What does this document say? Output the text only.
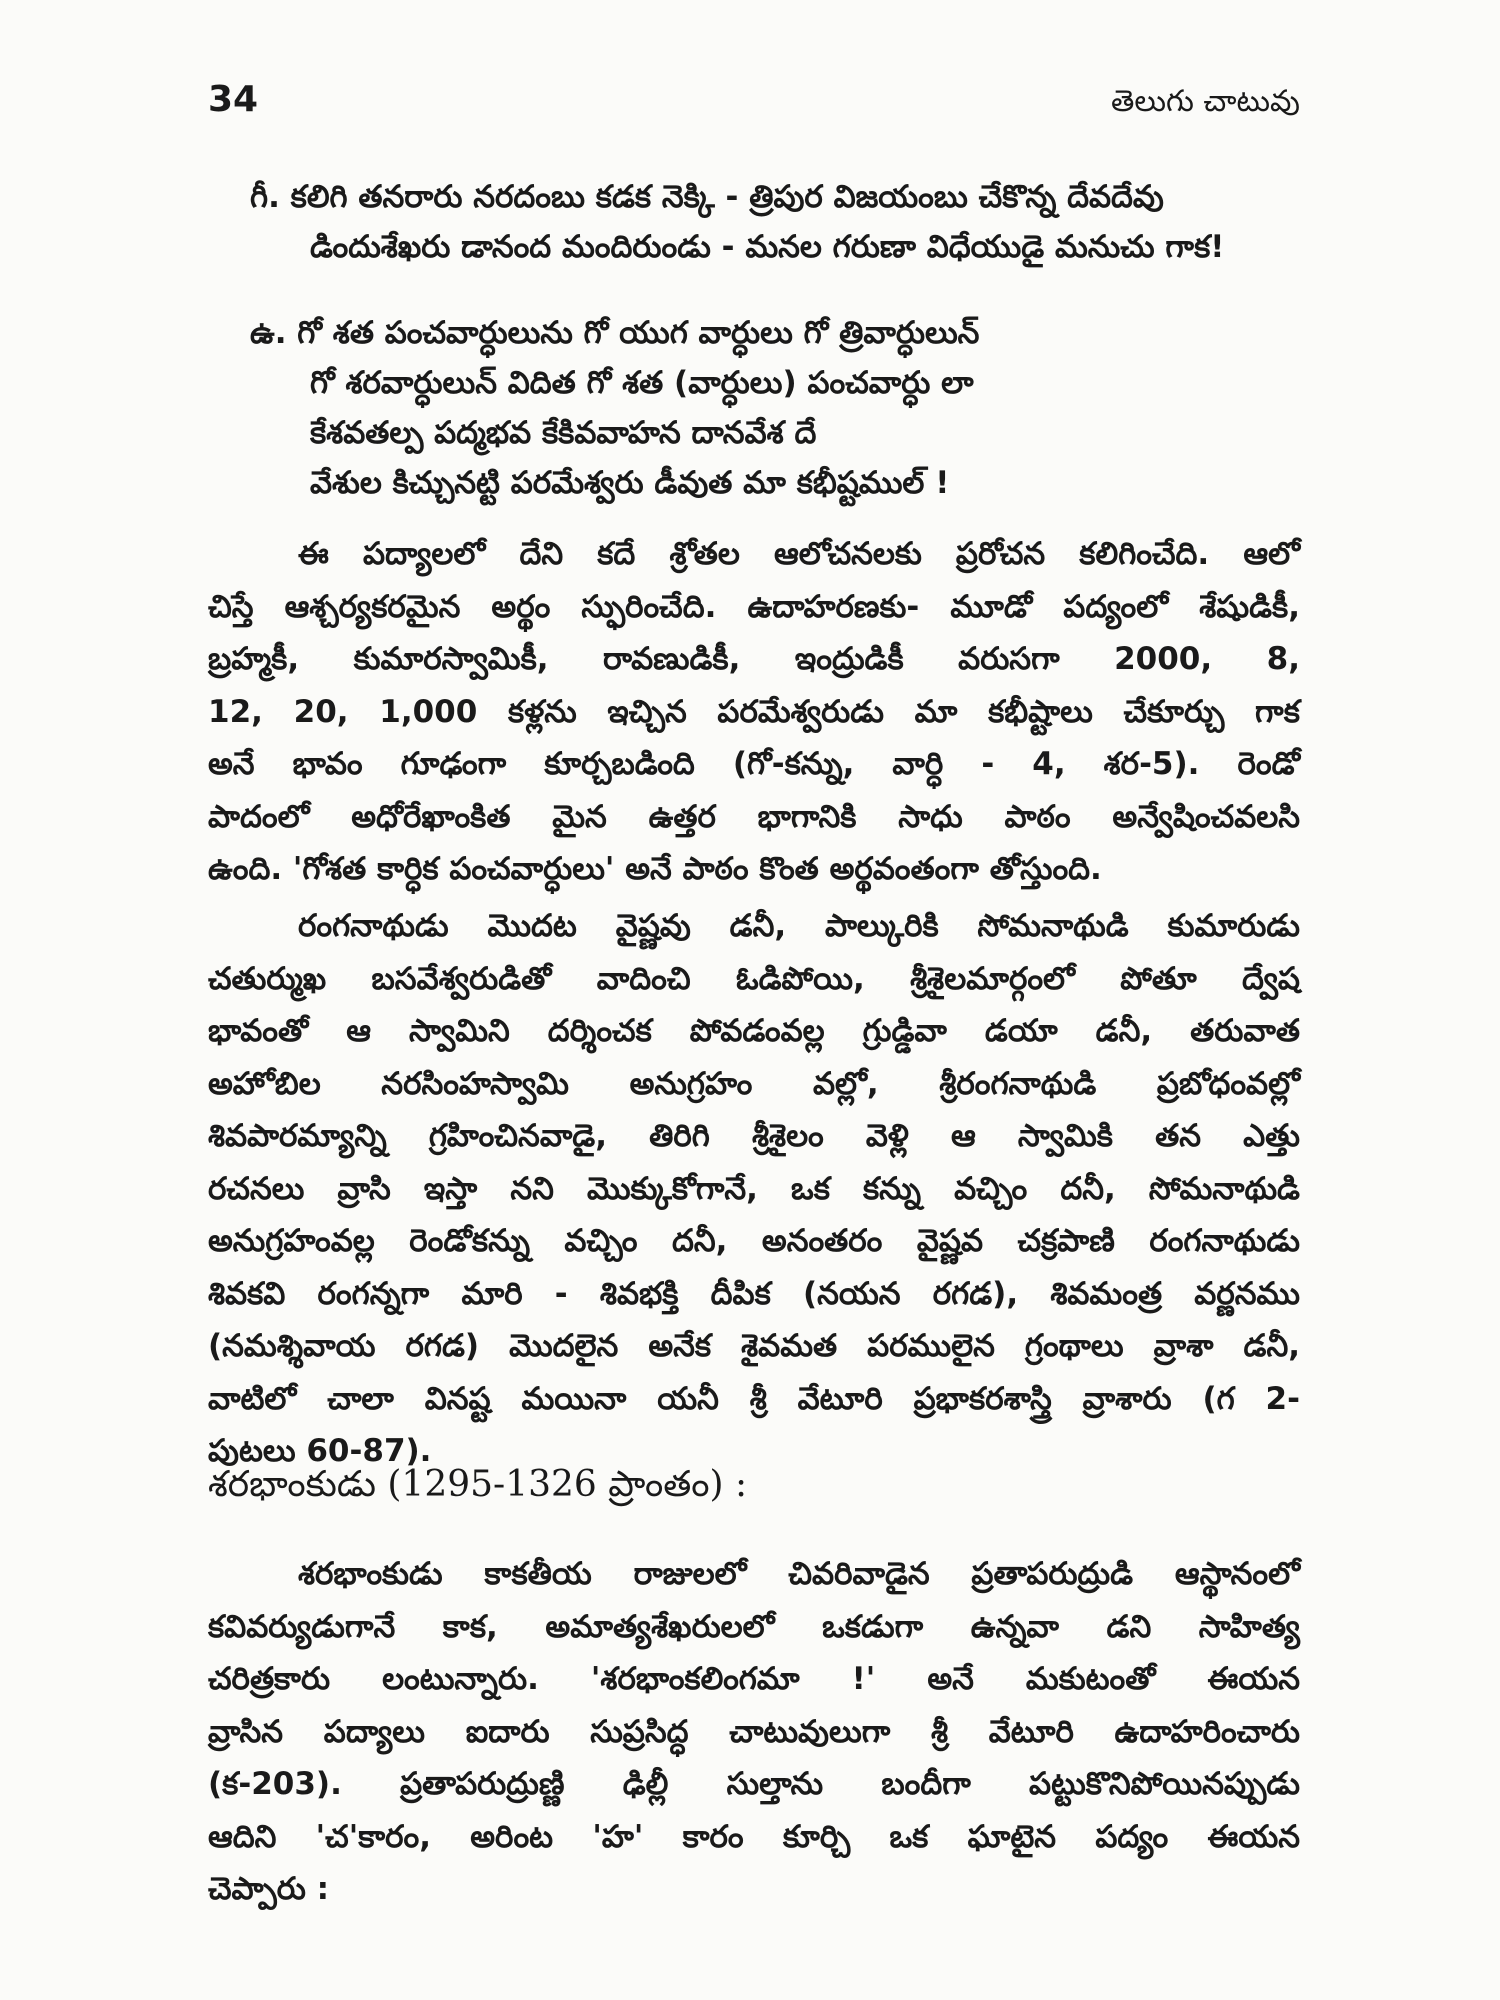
34	తెలుగు చాటువు
గీ. కలిగి తనరారు నరదంబు కడక నెక్కి - త్రిపుర విజయంబు చేకొన్న దేవదేవు
డిందుశేఖరు డానంద మందిరుండు - మనల గరుణా విధేయుడై మనుచు గాక!
ఉ. గో శత పంచవార్ధులును గో యుగ వార్ధులు గో త్రివార్ధులున్
గో శరవార్ధులున్ విదిత గో శత (వార్ధులు) పంచవార్ధు లా
కేశవతల్ప పద్మభవ కేకివవాహన దానవేశ దే
వేశుల కిచ్చునట్టి పరమేశ్వరు డీవుత మా కభీష్టముల్ !
ఈ పద్యాలలో దేని కదే శ్రోతల ఆలోచనలకు ప్రరోచన కలిగించేది. ఆలో
చిస్తే ఆశ్చర్యకరమైన అర్థం స్ఫురించేది. ఉదాహరణకు- మూడో పద్యంలో శేషుడికీ,
బ్రహ్మకీ, కుమారస్వామికీ, రావణుడికీ, ఇంద్రుడికీ వరుసగా 2000, 8,
12, 20, 1,000 కళ్లను ఇచ్చిన పరమేశ్వరుడు మా కభీష్టాలు చేకూర్చు గాక
అనే భావం గూఢంగా కూర్చబడింది (గో-కన్ను, వార్ధి - 4, శర-5). రెండో
పాదంలో అధోరేఖాంకిత మైన ఉత్తర భాగానికి సాధు పాఠం అన్వేషించవలసి
ఉంది. 'గోశత కార్ధిక పంచవార్ధులు' అనే పాఠం కొంత అర్థవంతంగా తోస్తుంది.
రంగనాథుడు మొదట వైష్ణవు డనీ, పాల్కురికి సోమనాథుడి కుమారుడు
చతుర్ముఖ బసవేశ్వరుడితో వాదించి ఓడిపోయి, శ్రీశైలమార్గంలో పోతూ ద్వేష
భావంతో ఆ స్వామిని దర్శించక పోవడంవల్ల గ్రుడ్డివా డయా డనీ, తరువాత
అహోబిల నరసింహస్వామి అనుగ్రహం వల్లో, శ్రీరంగనాథుడి ప్రబోధంవల్లో
శివపారమ్యాన్ని గ్రహించినవాడై, తిరిగి శ్రీశైలం వెళ్లి ఆ స్వామికి తన ఎత్తు
రచనలు వ్రాసి ఇస్తా నని మొక్కుకోగానే, ఒక కన్ను వచ్చిం దనీ, సోమనాథుడి
అనుగ్రహంవల్ల రెండోకన్ను వచ్చిం దనీ, అనంతరం వైష్ణవ చక్రపాణి రంగనాథుడు
శివకవి రంగన్నగా మారి - శివభక్తి దీపిక (నయన రగడ), శివమంత్ర వర్ణనము
(నమశ్శివాయ రగడ) మొదలైన అనేక శైవమత పరములైన గ్రంథాలు వ్రాశా డనీ,
వాటిలో చాలా వినష్ట మయినా యనీ శ్రీ వేటూరి ప్రభాకరశాస్త్రి వ్రాశారు (గ 2-
పుటలు 60-87).
శరభాంకుడు (1295-1326 ప్రాంతం) :
శరభాంకుడు కాకతీయ రాజులలో చివరివాడైన ప్రతాపరుద్రుడి ఆస్థానంలో
కవివర్యుడుగానే కాక, అమాత్యశేఖరులలో ఒకడుగా ఉన్నవా డని సాహిత్య
చరిత్రకారు లంటున్నారు. 'శరభాంకలింగమా !' అనే మకుటంతో ఈయన
వ్రాసిన పద్యాలు ఐదారు సుప్రసిద్ధ చాటువులుగా శ్రీ వేటూరి ఉదాహరించారు
(క-203). ప్రతాపరుద్రుణ్ణి ఢిల్లీ సుల్తాను బందీగా పట్టుకొనిపోయినప్పుడు
ఆదిని 'చ'కారం, అరింట 'హ' కారం కూర్చి ఒక ఘాటైన పద్యం ఈయన
చెప్పారు :
